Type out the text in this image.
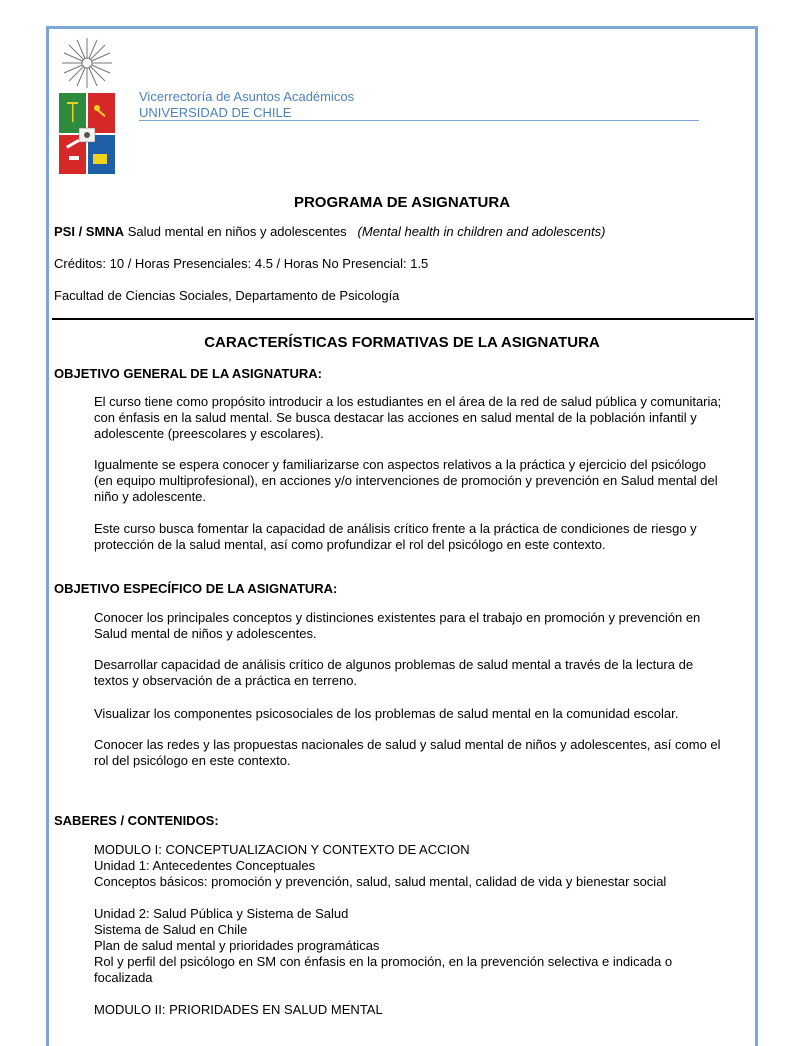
Vicerrectoría de Asuntos Académicos
UNIVERSIDAD DE CHILE
PROGRAMA DE ASIGNATURA
PSI / SMNA Salud mental en niños y adolescentes (Mental health in children and adolescents)
Créditos: 10 / Horas Presenciales: 4.5 / Horas No Presencial: 1.5
Facultad de Ciencias Sociales, Departamento de Psicología
CARACTERÍSTICAS FORMATIVAS DE LA ASIGNATURA
OBJETIVO GENERAL DE LA ASIGNATURA:

El curso tiene como propósito introducir a los estudiantes en el área de la red de salud pública y comunitaria; con énfasis en la salud mental. Se busca destacar las acciones en salud mental de la población infantil y adolescente (preescolares y escolares).

Igualmente se espera conocer y familiarizarse con aspectos relativos a la práctica y ejercicio del psicólogo (en equipo multiprofesional), en acciones y/o intervenciones de promoción y prevención en Salud mental del niño y adolescente.

Este curso busca fomentar la capacidad de análisis crítico frente a la práctica de condiciones de riesgo y protección de la salud mental, así como profundizar el rol del psicólogo en este contexto.

OBJETIVO ESPECÍFICO DE LA ASIGNATURA:

Conocer los principales conceptos y distinciones existentes para el trabajo en promoción y prevención en Salud mental de niños y adolescentes.

Desarrollar capacidad de análisis crítico de algunos problemas de salud mental a través de la lectura de textos y observación de a práctica en terreno.

Visualizar los componentes psicosociales de los problemas de salud mental en la comunidad escolar.

Conocer las redes y las propuestas nacionales de salud y salud mental de niños y adolescentes, así como el rol del psicólogo en este contexto.

SABERES / CONTENIDOS:
MODULO I: CONCEPTUALIZACION Y CONTEXTO DE ACCION
Unidad 1: Antecedentes Conceptuales
Conceptos básicos: promoción y prevención, salud, salud mental, calidad de vida y bienestar social
Unidad 2: Salud Pública y Sistema de Salud
Sistema de Salud en Chile
Plan de salud mental y prioridades programáticas
Rol y perfil del psicólogo en SM con énfasis en la promoción, en la prevención selectiva e indicada o focalizada
MODULO II: PRIORIDADES EN SALUD MENTAL
